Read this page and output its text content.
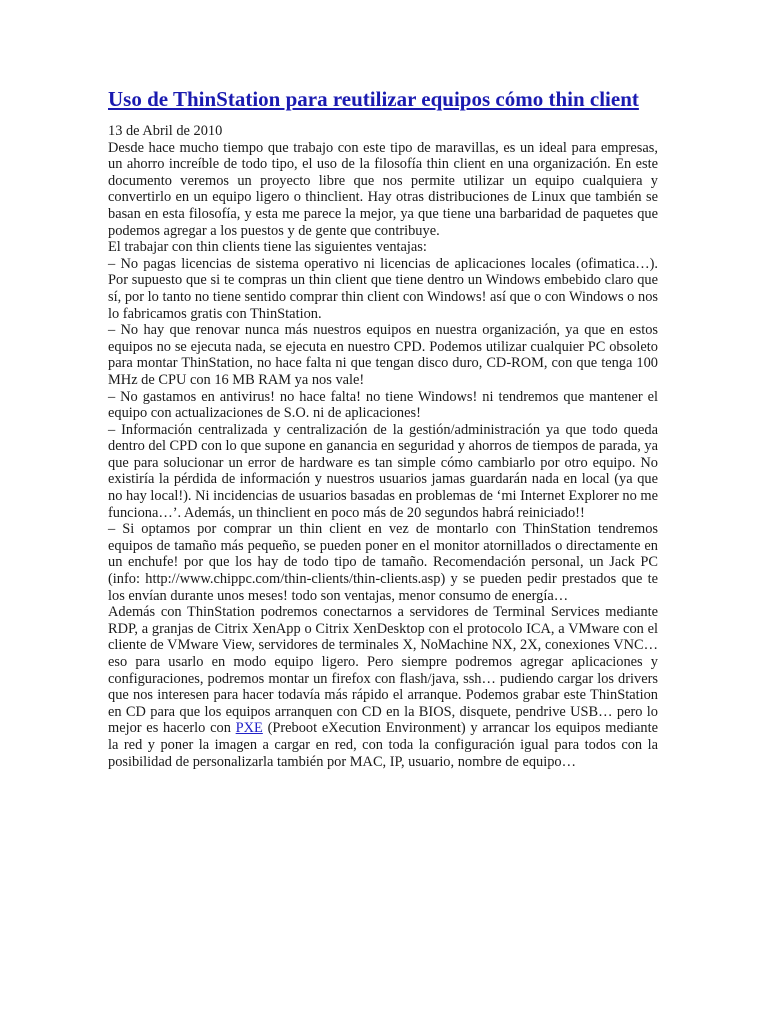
Uso de ThinStation para reutilizar equipos cómo thin client

13 de Abril de 2010

Desde hace mucho tiempo que trabajo con este tipo de maravillas, es un ideal para empresas, un ahorro increíble de todo tipo, el uso de la filosofía thin client en una organización. En este documento veremos un proyecto libre que nos permite utilizar un equipo cualquiera y convertirlo en un equipo ligero o thinclient. Hay otras distribuciones de Linux que también se basan en esta filosofía, y esta me parece la mejor, ya que tiene una barbaridad de paquetes que podemos agregar a los puestos y de gente que contribuye.

El trabajar con thin clients tiene las siguientes ventajas:

– No pagas licencias de sistema operativo ni licencias de aplicaciones locales (ofimatica…). Por supuesto que si te compras un thin client que tiene dentro un Windows embebido claro que sí, por lo tanto no tiene sentido comprar thin client con Windows! así que o con Windows o nos lo fabricamos gratis con ThinStation.

– No hay que renovar nunca más nuestros equipos en nuestra organización, ya que en estos equipos no se ejecuta nada, se ejecuta en nuestro CPD. Podemos utilizar cualquier PC obsoleto para montar ThinStation, no hace falta ni que tengan disco duro, CD-ROM, con que tenga 100 MHz de CPU con 16 MB RAM ya nos vale!

– No gastamos en antivirus! no hace falta! no tiene Windows! ni tendremos que mantener el equipo con actualizaciones de S.O. ni de aplicaciones!

– Información centralizada y centralización de la gestión/administración ya que todo queda dentro del CPD con lo que supone en ganancia en seguridad y ahorros de tiempos de parada, ya que para solucionar un error de hardware es tan simple cómo cambiarlo por otro equipo. No existiría la pérdida de información y nuestros usuarios jamas guardarán nada en local (ya que no hay local!). Ni incidencias de usuarios basadas en problemas de ‘mi Internet Explorer no me funciona…’. Además, un thinclient en poco más de 20 segundos habrá reiniciado!!

– Si optamos por comprar un thin client en vez de montarlo con ThinStation tendremos equipos de tamaño más pequeño, se pueden poner en el monitor atornillados o directamente en un enchufe! por que los hay de todo tipo de tamaño. Recomendación personal, un Jack PC (info: http://www.chippc.com/thin-clients/thin-clients.asp) y se pueden pedir prestados que te los envían durante unos meses! todo son ventajas, menor consumo de energía…

Además con ThinStation podremos conectarnos a servidores de Terminal Services mediante RDP, a granjas de Citrix XenApp o Citrix XenDesktop con el protocolo ICA, a VMware con el cliente de VMware View, servidores de terminales X, NoMachine NX, 2X, conexiones VNC… eso para usarlo en modo equipo ligero. Pero siempre podremos agregar aplicaciones y configuraciones, podremos montar un firefox con flash/java, ssh… pudiendo cargar los drivers que nos interesen para hacer todavía más rápido el arranque. Podemos grabar este ThinStation en CD para que los equipos arranquen con CD en la BIOS, disquete, pendrive USB… pero lo mejor es hacerlo con PXE (Preboot eXecution Environment) y arrancar los equipos mediante la red y poner la imagen a cargar en red, con toda la configuración igual para todos con la posibilidad de personalizarla también por MAC, IP, usuario, nombre de equipo…
